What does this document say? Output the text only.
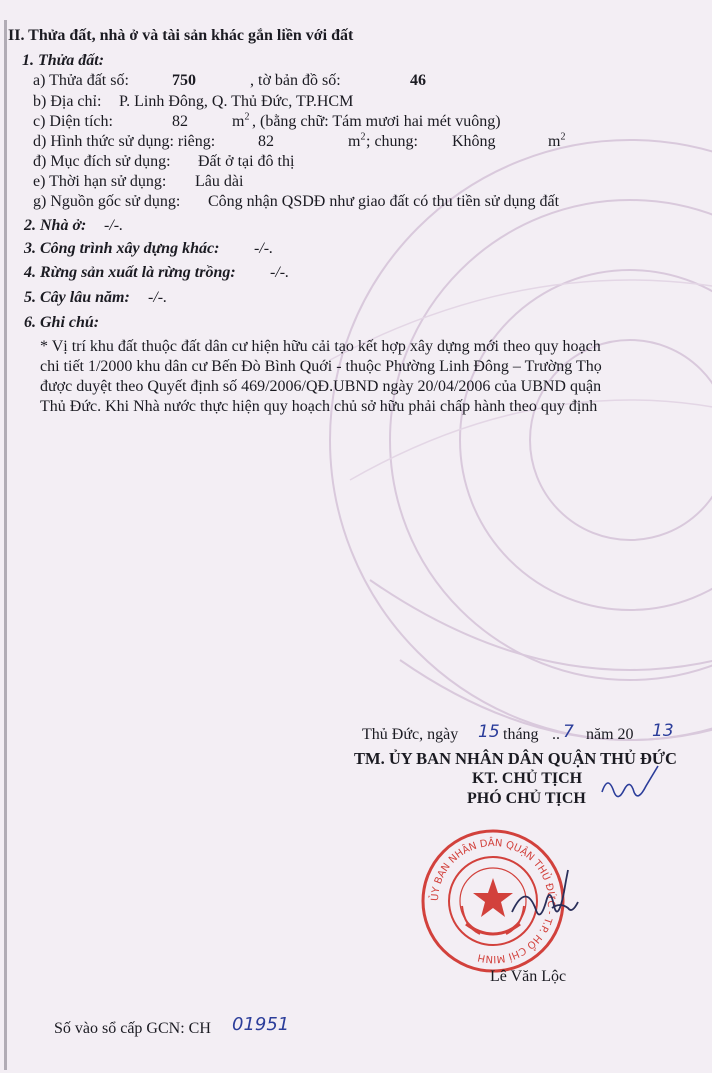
II. Thửa đất, nhà ở và tài sản khác gắn liền với đất
1. Thửa đất:
a) Thửa đất số:	750	, tờ bản đồ số:	46
b) Địa chỉ: P. Linh Đông, Q. Thủ Đức, TP.HCM
c) Diện tích:	82	$m^2$ , (bằng chữ: Tám mươi hai mét vuông)
d) Hình thức sử dụng: riêng:	82	$m^2$ ; chung: Không	$m^2$
đ) Mục đích sử dụng: Đất ở tại đô thị
e) Thời hạn sử dụng: Lâu dài
g) Nguồn gốc sử dụng: Công nhận QSDĐ như giao đất có thu tiền sử dụng đất
2. Nhà ở: -/-.
3. Công trình xây dựng khác: -/-.
4. Rừng sản xuất là rừng trồng: -/-.
5. Cây lâu năm: -/-.
6. Ghi chú:
* Vị trí khu đất thuộc đất dân cư hiện hữu cải tạo kết hợp xây dựng mới theo quy hoạch
chi tiết 1/2000 khu dân cư Bến Đò Bình Quới - thuộc Phường Linh Đông – Trường Thọ
được duyệt theo Quyết định số 469/2006/QĐ.UBND ngày 20/04/2006 của UBND quận
Thủ Đức. Khi Nhà nước thực hiện quy hoạch chủ sở hữu phải chấp hành theo quy định
Thủ Đức, ngày 15 tháng .. 7 năm 20 13
TM. ỦY BAN NHÂN DÂN QUẬN THỦ ĐỨC
KT. CHỦ TỊCH
PHÓ CHỦ TỊCH
ỦY BAN NHÂN DÂN QUẬN THỦ ĐỨC - T.P. HỒ CHÍ MINH
Lê Văn Lộc
Số vào sổ cấp GCN: CH 01951
